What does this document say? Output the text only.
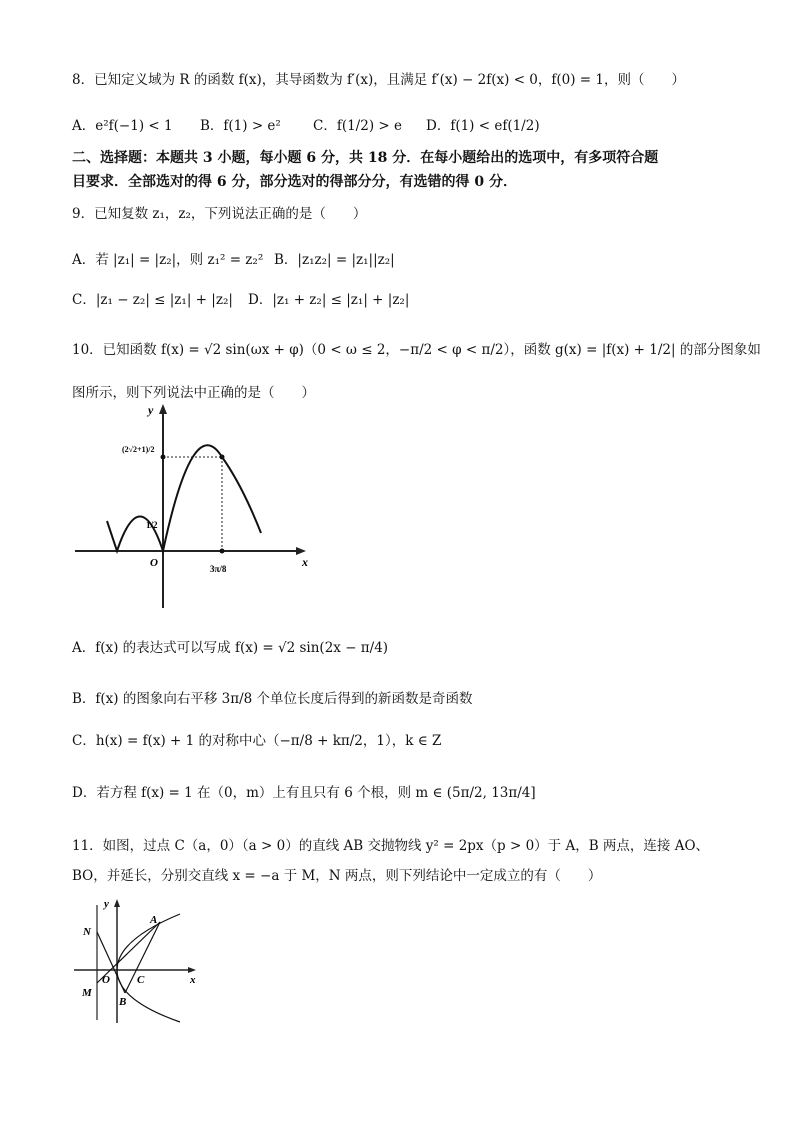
8．已知定义域为 R 的函数 f(x)，其导函数为 f′(x)，且满足 f′(x) − 2f(x) < 0，f(0) = 1，则（　　）
A．e²f(−1) < 1 B．f(1) > e² C．f(1/2) > e D．f(1) < ef(1/2)
二、选择题：本题共 3 小题，每小题 6 分，共 18 分．在每小题给出的选项中，有多项符合题
目要求．全部选对的得 6 分，部分选对的得部分分，有选错的得 0 分．
9．已知复数 z₁，z₂，下列说法正确的是（　　）
A．若 |z₁| = |z₂|，则 z₁² = z₂² B．|z₁z₂| = |z₁||z₂|
C．|z₁ − z₂| ≤ |z₁| + |z₂| D．|z₁ + z₂| ≤ |z₁| + |z₂|
10．已知函数 f(x) = √2 sin(ωx + φ)（0 < ω ≤ 2，−π/2 < φ < π/2），函数 g(x) = |f(x) + 1/2| 的部分图象如
图所示，则下列说法中正确的是（　　）
y
x
O
(2√2+1)/2
1/2
3π/8
A．f(x) 的表达式可以写成 f(x) = √2 sin(2x − π/4)
B．f(x) 的图象向右平移 3π/8 个单位长度后得到的新函数是奇函数
C．h(x) = f(x) + 1 的对称中心（−π/8 + kπ/2，1），k ∈ Z
D．若方程 f(x) = 1 在（0，m）上有且只有 6 个根，则 m ∈ (5π/2, 13π/4]
11．如图，过点 C（a，0）（a > 0）的直线 AB 交抛物线 y² = 2px（p > 0）于 A，B 两点，连接 AO、
BO，并延长，分别交直线 x = −a 于 M，N 两点，则下列结论中一定成立的有（　　）
y
x
O
N
A
C
M
B
